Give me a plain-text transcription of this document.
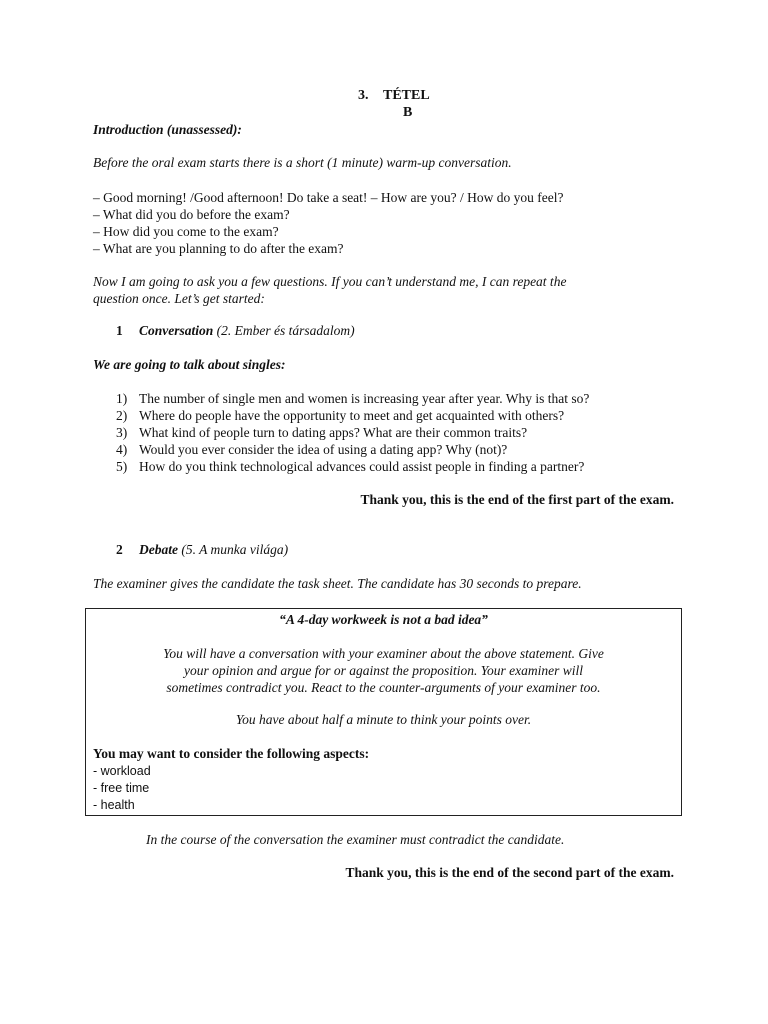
3. TÉTEL
B
Introduction (unassessed):
Before the oral exam starts there is a short (1 minute) warm-up conversation.
– Good morning! /Good afternoon! Do take a seat! – How are you? / How do you feel?
– What did you do before the exam?
– How did you come to the exam?
– What are you planning to do after the exam?
Now I am going to ask you a few questions. If you can’t understand me, I can repeat the
question once. Let’s get started:
1 Conversation (2. Ember és társadalom)
We are going to talk about singles:
1) The number of single men and women is increasing year after year. Why is that so?
2) Where do people have the opportunity to meet and get acquainted with others?
3) What kind of people turn to dating apps? What are their common traits?
4) Would you ever consider the idea of using a dating app? Why (not)?
5) How do you think technological advances could assist people in finding a partner?
Thank you, this is the end of the first part of the exam.
2 Debate (5. A munka világa)
The examiner gives the candidate the task sheet. The candidate has 30 seconds to prepare.
“A 4-day workweek is not a bad idea”
You will have a conversation with your examiner about the above statement. Give
your opinion and argue for or against the proposition. Your examiner will
sometimes contradict you. React to the counter-arguments of your examiner too.
You have about half a minute to think your points over.
You may want to consider the following aspects:
- workload
- free time
- health
In the course of the conversation the examiner must contradict the candidate.
Thank you, this is the end of the second part of the exam.
